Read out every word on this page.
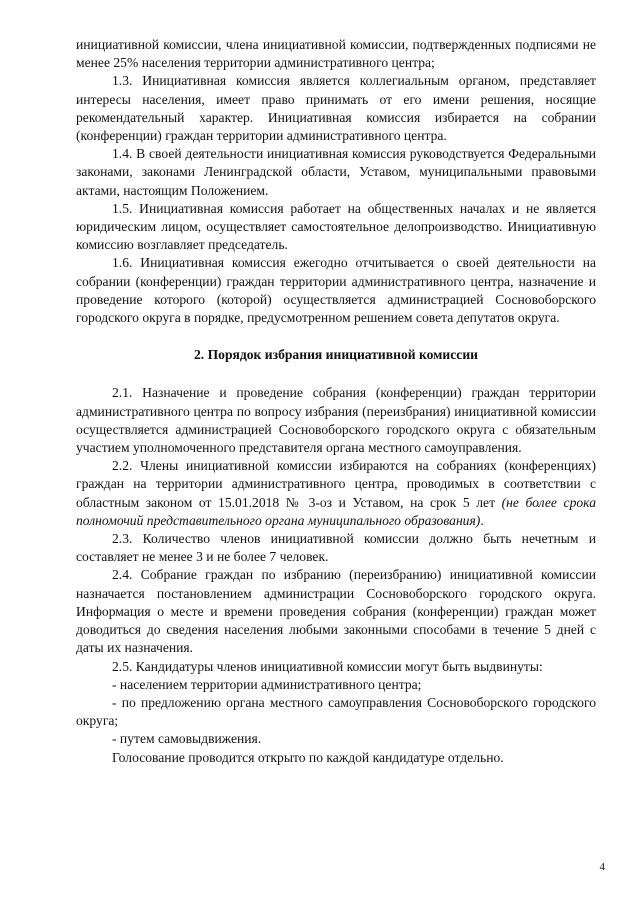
инициативной комиссии, члена инициативной комиссии, подтвержденных подписями не менее 25% населения территории административного центра;

1.3. Инициативная комиссия является коллегиальным органом, представляет интересы населения, имеет право принимать от его имени решения, носящие рекомендательный характер. Инициативная комиссия избирается на собрании (конференции) граждан территории административного центра.

1.4. В своей деятельности инициативная комиссия руководствуется Федеральными законами, законами Ленинградской области, Уставом, муниципальными правовыми актами, настоящим Положением.

1.5. Инициативная комиссия работает на общественных началах и не является юридическим лицом, осуществляет самостоятельное делопроизводство. Инициативную комиссию возглавляет председатель.

1.6. Инициативная комиссия ежегодно отчитывается о своей деятельности на собрании (конференции) граждан территории административного центра, назначение и проведение которого (которой) осуществляется администрацией Сосновоборского городского округа в порядке, предусмотренном решением совета депутатов округа.

2. Порядок избрания инициативной комиссии

2.1. Назначение и проведение собрания (конференции) граждан территории административного центра по вопросу избрания (переизбрания) инициативной комиссии осуществляется администрацией Сосновоборского городского округа с обязательным участием уполномоченного представителя органа местного самоуправления.

2.2. Члены инициативной комиссии избираются на собраниях (конференциях) граждан на территории административного центра, проводимых в соответствии с областным законом от 15.01.2018 № 3-оз и Уставом, на срок 5 лет (не более срока полномочий представительного органа муниципального образования).

2.3. Количество членов инициативной комиссии должно быть нечетным и составляет не менее 3 и не более 7 человек.

2.4. Собрание граждан по избранию (переизбранию) инициативной комиссии назначается постановлением администрации Сосновоборского городского округа. Информация о месте и времени проведения собрания (конференции) граждан может доводиться до сведения населения любыми законными способами в течение 5 дней с даты их назначения.

2.5. Кандидатуры членов инициативной комиссии могут быть выдвинуты:

- населением территории административного центра;

- по предложению органа местного самоуправления Сосновоборского городского округа;

- путем самовыдвижения.

Голосование проводится открыто по каждой кандидатуре отдельно.

4
